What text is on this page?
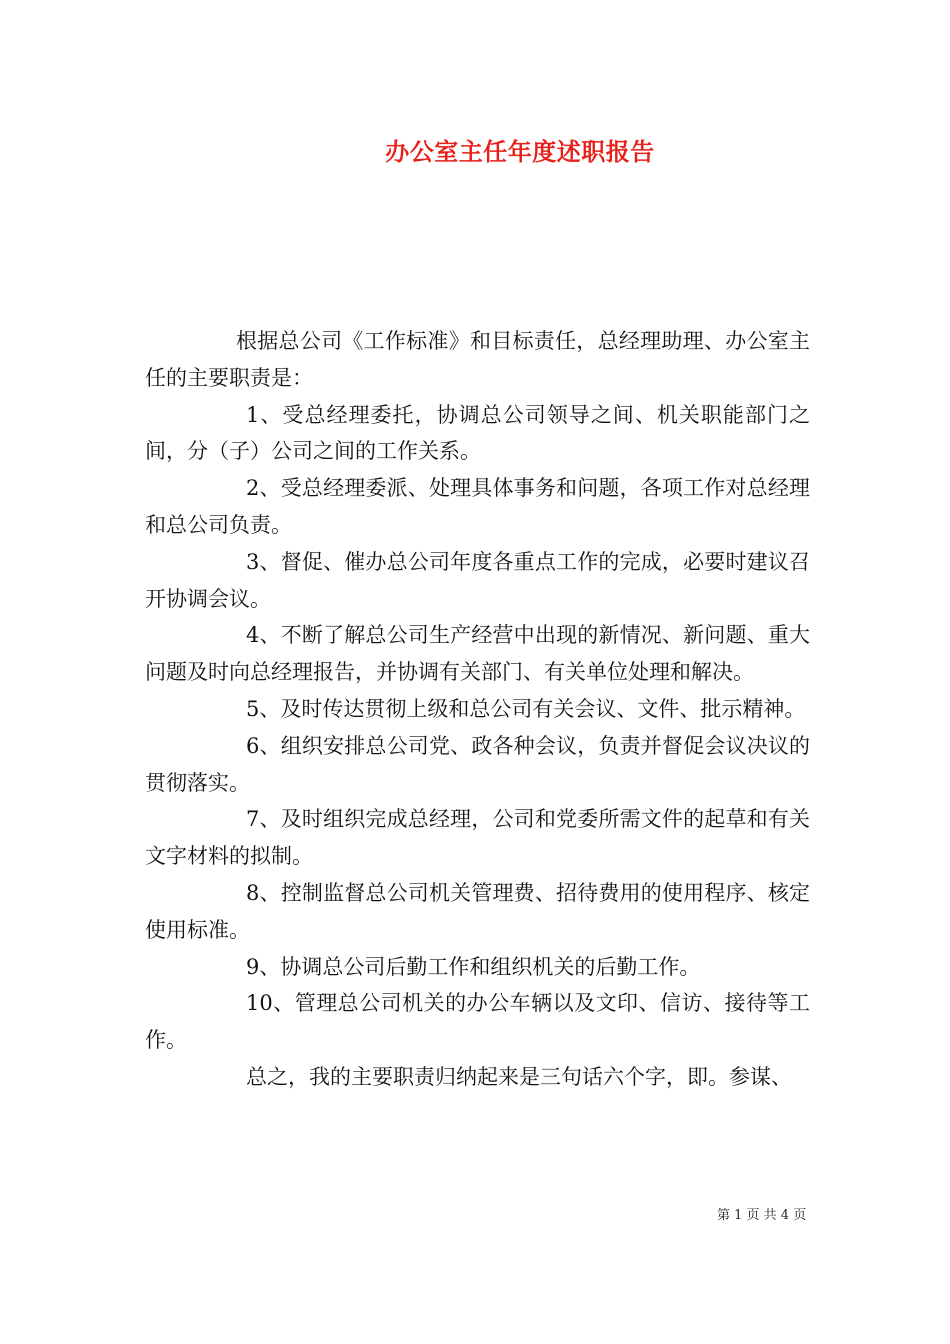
办公室主任年度述职报告

根据总公司《工作标准》和目标责任，总经理助理、办公室主任的主要职责是：

1、受总经理委托，协调总公司领导之间、机关职能部门之间，分（子）公司之间的工作关系。

2、受总经理委派、处理具体事务和问题，各项工作对总经理和总公司负责。

3、督促、催办总公司年度各重点工作的完成，必要时建议召开协调会议。

4、不断了解总公司生产经营中出现的新情况、新问题、重大问题及时向总经理报告，并协调有关部门、有关单位处理和解决。

5、及时传达贯彻上级和总公司有关会议、文件、批示精神。

6、组织安排总公司党、政各种会议，负责并督促会议决议的贯彻落实。

7、及时组织完成总经理，公司和党委所需文件的起草和有关文字材料的拟制。

8、控制监督总公司机关管理费、招待费用的使用程序、核定使用标准。

9、协调总公司后勤工作和组织机关的后勤工作。

10、管理总公司机关的办公车辆以及文印、信访、接待等工作。

总之，我的主要职责归纳起来是三句话六个字，即。参谋、

第 1 页 共 4 页
